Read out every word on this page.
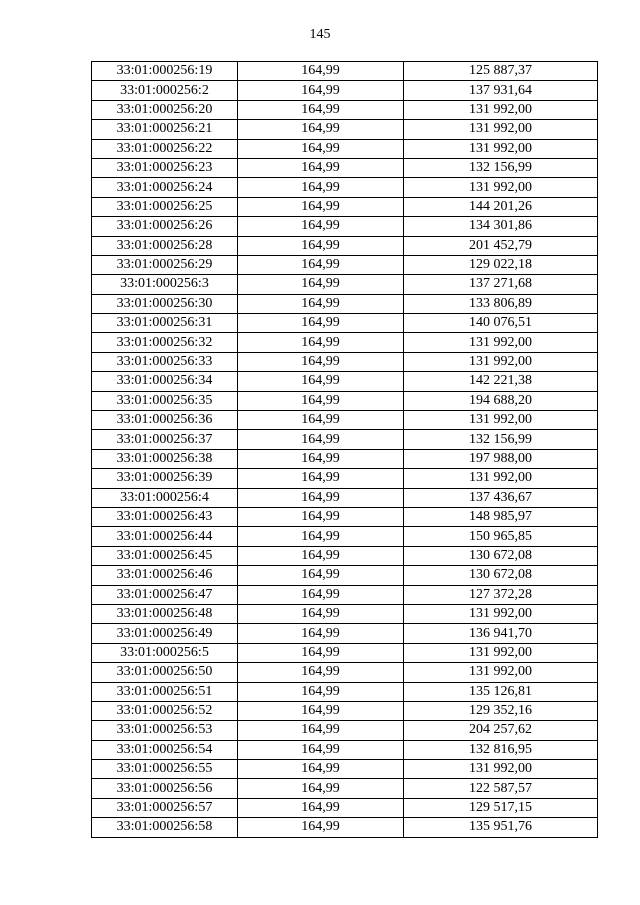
145
33:01:000256:19	164,99	125 887,37
33:01:000256:2	164,99	137 931,64
33:01:000256:20	164,99	131 992,00
33:01:000256:21	164,99	131 992,00
33:01:000256:22	164,99	131 992,00
33:01:000256:23	164,99	132 156,99
33:01:000256:24	164,99	131 992,00
33:01:000256:25	164,99	144 201,26
33:01:000256:26	164,99	134 301,86
33:01:000256:28	164,99	201 452,79
33:01:000256:29	164,99	129 022,18
33:01:000256:3	164,99	137 271,68
33:01:000256:30	164,99	133 806,89
33:01:000256:31	164,99	140 076,51
33:01:000256:32	164,99	131 992,00
33:01:000256:33	164,99	131 992,00
33:01:000256:34	164,99	142 221,38
33:01:000256:35	164,99	194 688,20
33:01:000256:36	164,99	131 992,00
33:01:000256:37	164,99	132 156,99
33:01:000256:38	164,99	197 988,00
33:01:000256:39	164,99	131 992,00
33:01:000256:4	164,99	137 436,67
33:01:000256:43	164,99	148 985,97
33:01:000256:44	164,99	150 965,85
33:01:000256:45	164,99	130 672,08
33:01:000256:46	164,99	130 672,08
33:01:000256:47	164,99	127 372,28
33:01:000256:48	164,99	131 992,00
33:01:000256:49	164,99	136 941,70
33:01:000256:5	164,99	131 992,00
33:01:000256:50	164,99	131 992,00
33:01:000256:51	164,99	135 126,81
33:01:000256:52	164,99	129 352,16
33:01:000256:53	164,99	204 257,62
33:01:000256:54	164,99	132 816,95
33:01:000256:55	164,99	131 992,00
33:01:000256:56	164,99	122 587,57
33:01:000256:57	164,99	129 517,15
33:01:000256:58	164,99	135 951,76
